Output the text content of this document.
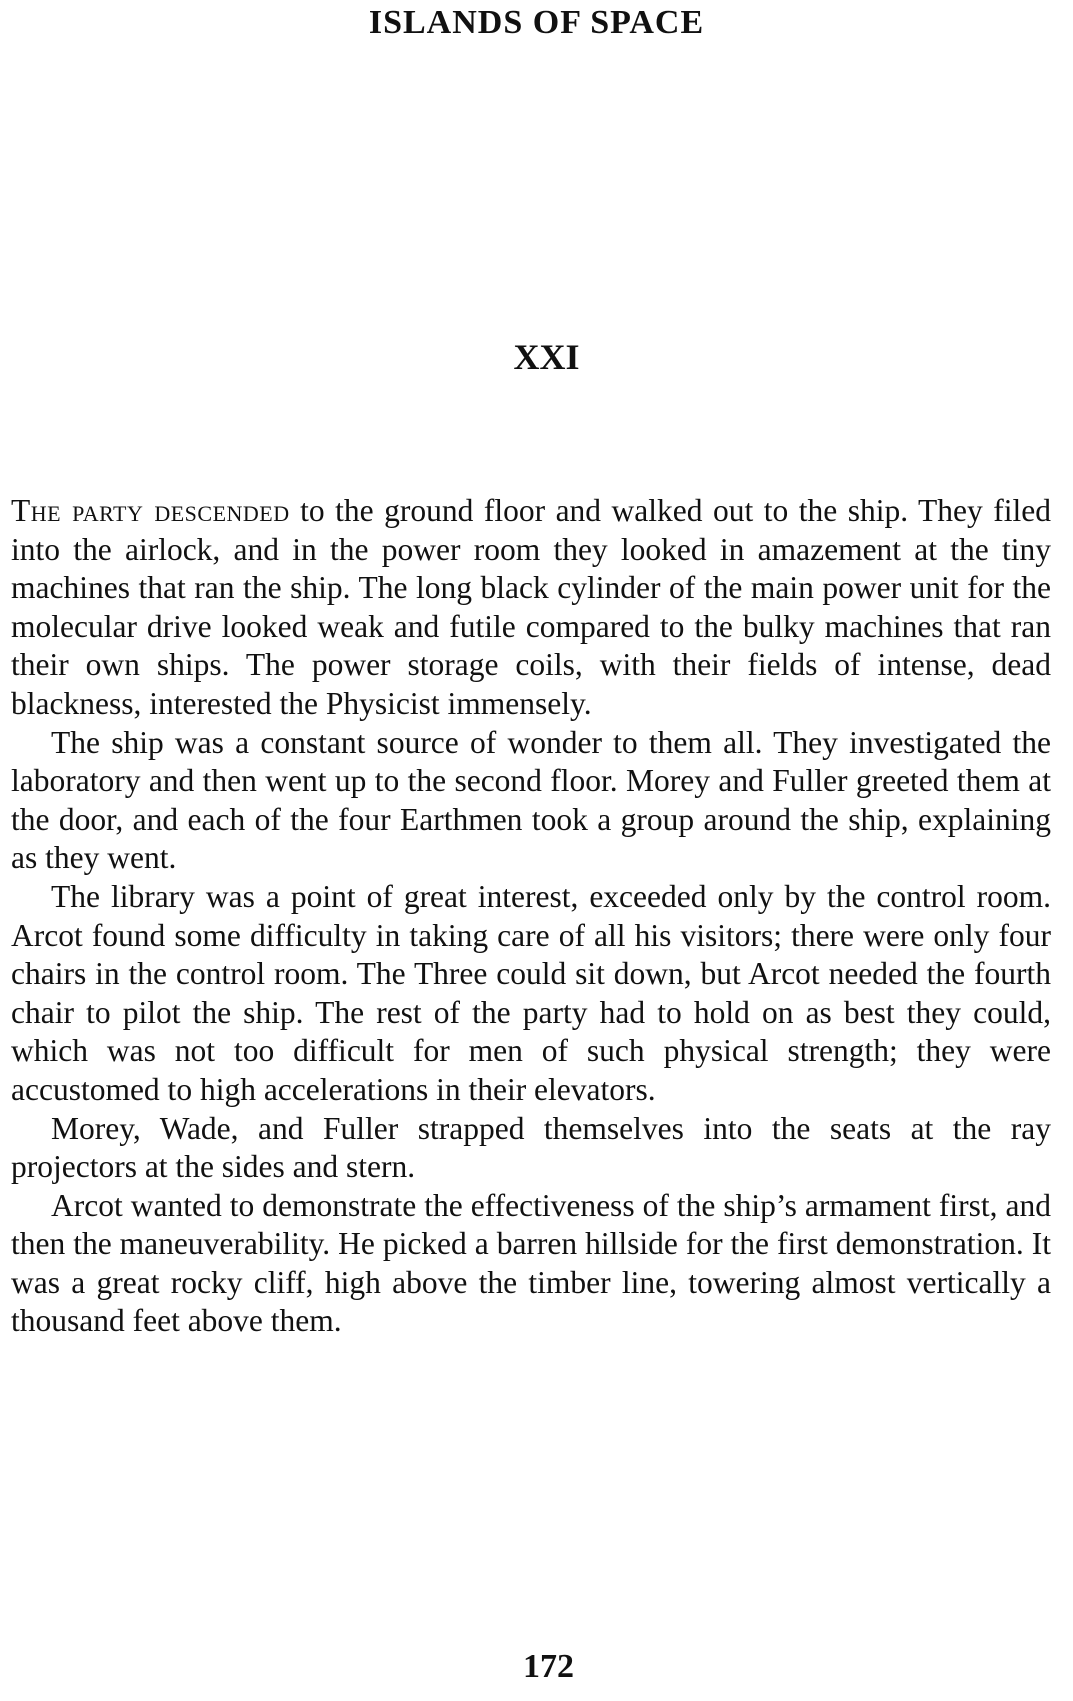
ISLANDS OF SPACE
XXI

The party descended to the ground floor and walked out to the ship. They filed into the airlock, and in the power room they looked in amazement at the tiny machines that ran the ship. The long black cylinder of the main power unit for the molecular drive looked weak and futile compared to the bulky machines that ran their own ships. The power storage coils, with their fields of intense, dead blackness, interested the Physicist immensely.

The ship was a constant source of wonder to them all. They investigated the laboratory and then went up to the second floor. Morey and Fuller greeted them at the door, and each of the four Earthmen took a group around the ship, explaining as they went.

The library was a point of great interest, exceeded only by the control room. Arcot found some difficulty in taking care of all his visitors; there were only four chairs in the control room. The Three could sit down, but Arcot needed the fourth chair to pilot the ship. The rest of the party had to hold on as best they could, which was not too difficult for men of such physical strength; they were accustomed to high accelerations in their elevators.

Morey, Wade, and Fuller strapped themselves into the seats at the ray projectors at the sides and stern.

Arcot wanted to demonstrate the effectiveness of the ship’s armament first, and then the maneuverability. He picked a barren hillside for the first demonstration. It was a great rocky cliff, high above the timber line, towering almost vertically a thousand feet above them.

172
